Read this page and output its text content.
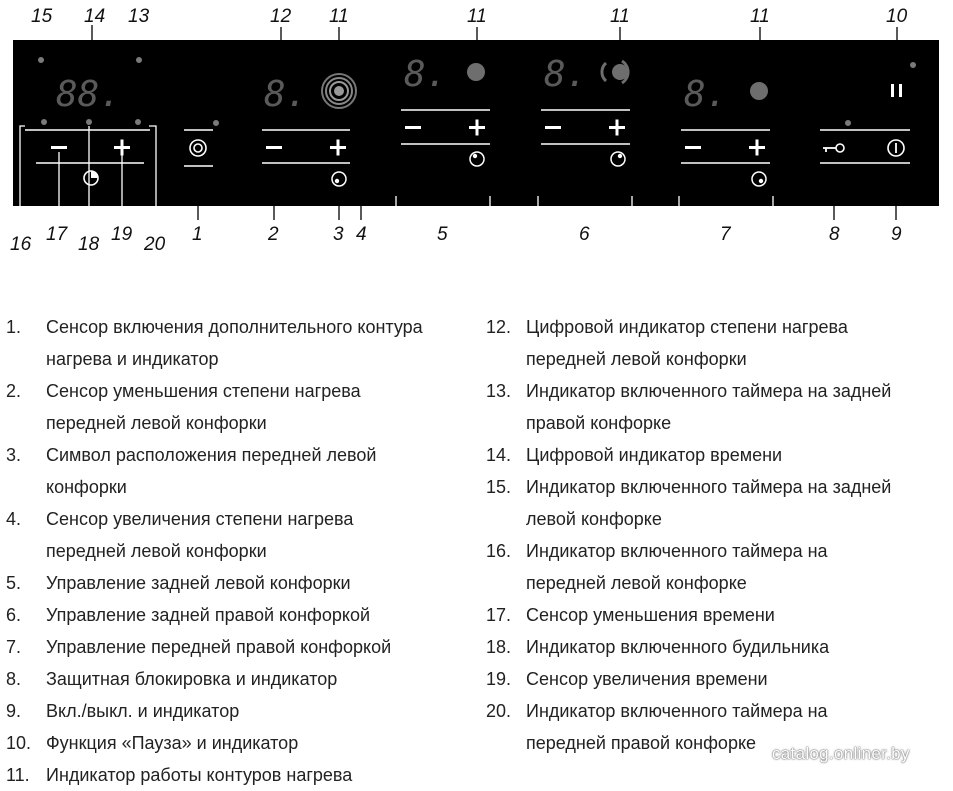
15 14 13	12 11	11	11	11	10
16 17 18 19 20 1	2	3 4	5	6	7	8	9
88.	8.	8.	8.	8.
1.	Сенсор включения дополнительного контура
нагрева и индикатор
2.	Сенсор уменьшения степени нагрева
передней левой конфорки
3.	Символ расположения передней левой
конфорки
4.	Сенсор увеличения степени нагрева
передней левой конфорки
5.	Управление задней левой конфорки
6.	Управление задней правой конфоркой
7.	Управление передней правой конфоркой
8.	Защитная блокировка и индикатор
9.	Вкл./выкл. и индикатор
10. Функция «Пауза» и индикатор
11. Индикатор работы контуров нагрева
12. Цифровой индикатор степени нагрева
передней левой конфорки
13. Индикатор включенного таймера на задней
правой конфорке
14. Цифровой индикатор времени
15. Индикатор включенного таймера на задней
левой конфорке
16. Индикатор включенного таймера на
передней левой конфорке
17. Сенсор уменьшения времени
18. Индикатор включенного будильника
19. Сенсор увеличения времени
20. Индикатор включенного таймера на
передней правой конфорке
catalog.onliner.by
